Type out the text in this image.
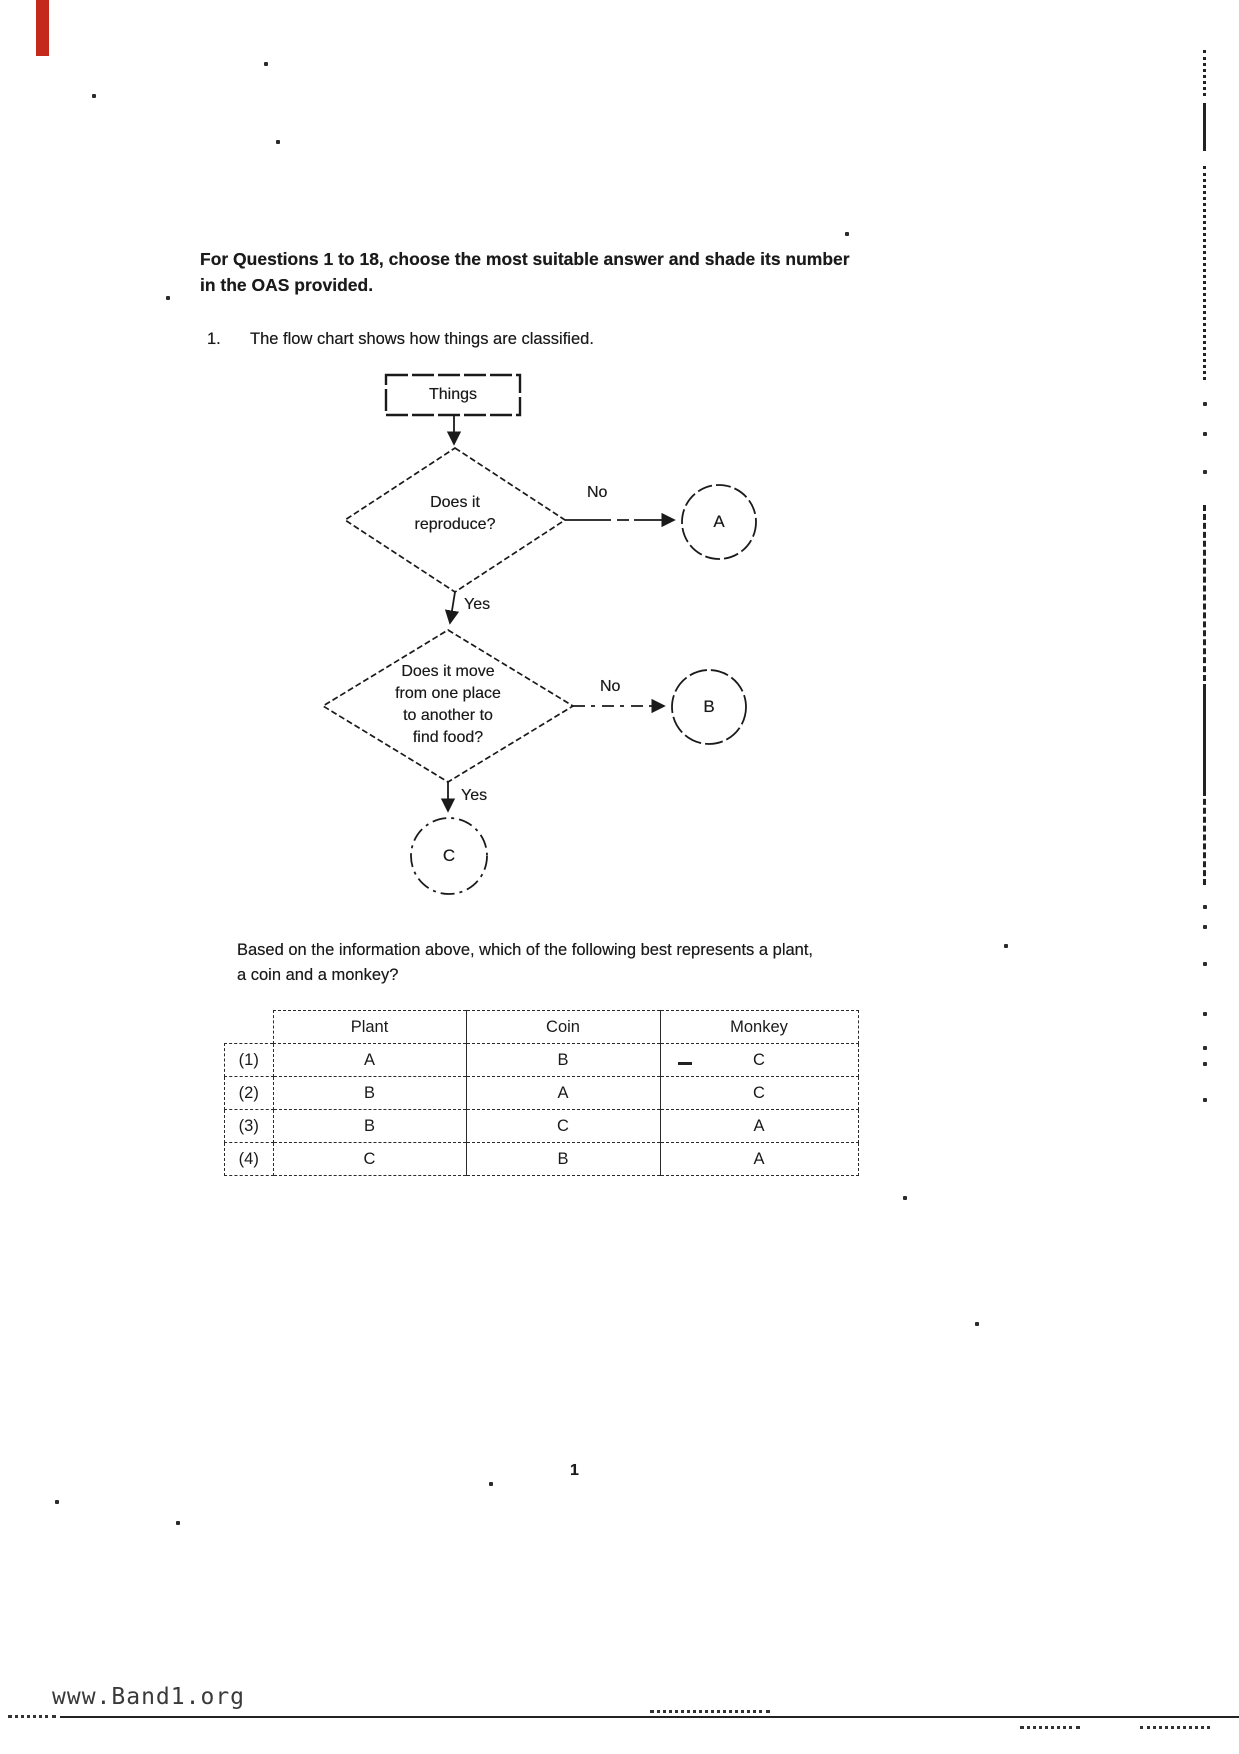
For Questions 1 to 18, choose the most suitable answer and shade its number
in the OAS provided.
1. The flow chart shows how things are classified.
Things
Does it
reproduce?
No
A
Yes
Does it move
from one place
to another to
find food?
No
B
Yes
C
Based on the information above, which of the following best represents a plant,
a coin and a monkey?
	Plant	Coin	Monkey
(1)	A	B	C
(2)	B	A	C
(3)	B	C	A
(4)	C	B	A
1
www.Band1.org
